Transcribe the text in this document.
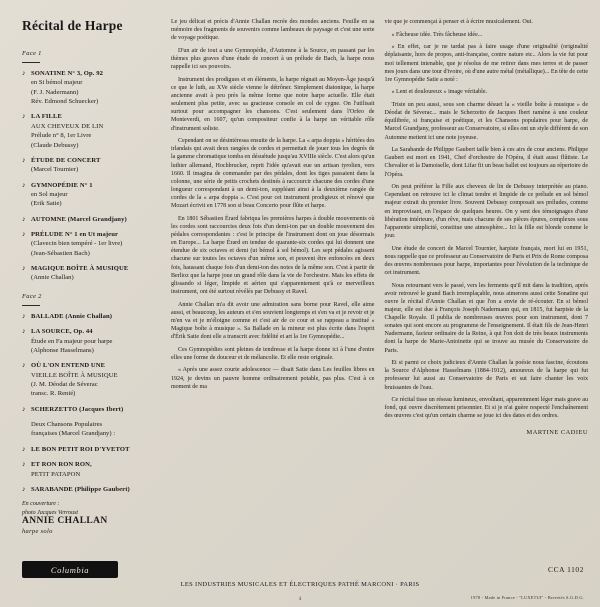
Récital de Harpe
Face 1
♪ SONATINE N° 3, Op. 92
en Si bémol majeur
(F. J. Nadermann)
Rév. Edmond Schuecker)
♪ LA FILLE
AUX CHEVEUX DE LIN
Prélude n° 8, 1er Livre
(Claude Debussy)
♪ ÉTUDE DE CONCERT
(Marcel Tournier)
♪ GYMNOPÉDIE N° 1
en Sol majeur
(Erik Satie)
♪ AUTOMNE (Marcel Grandjany)
♪ PRÉLUDE N° 1 en Ut majeur
(Clavecin bien tempéré - 1er livre)
(Jean-Sébastien Bach)
♪ MAGIQUE BOÎTE À MUSIQUE
(Annie Challan)
Face 2
♪ BALLADE (Annie Challan)
♪ LA SOURCE, Op. 44
Étude en Fa majeur pour harpe
(Alphonse Hasselmans)
♪ OÙ L'ON ENTEND UNE
VIEILLE BOÎTE À MUSIQUE
(J. M. Déodat de Séverac
transc. R. Renié)
♪ SCHERZETTO (Jacques Ibert)
Deux Chansons Populaires
françaises (Marcel Grandjany) :
♪ LE BON PETIT ROI D'YVETOT
♪ ET RON RON RON,
PETIT PATAPON
♪ SARABANDE (Philippe Gaubert)
ANNIE CHALLAN
harpe solo
Columbia
En couverture :
photo Jacques Verroust

Le jeu délicat et précis d'Annie Challan recrée des mondes anciens. Feuille en sa mémoire des fragments de souvenirs comme lambeaux de paysage et c'est une sorte de voyage poétique.

D'un air de tout a une Gymnopédie, d'Automne à la Source, en passant par les thèmes plus graves d'une étude de concert à un prélude de Bach, la harpe nous rappelle ici ses pouvoirs.

Instrument des prodigues et en éléments, la harpe régnait au Moyen-Âge jusqu'à ce que le luth, au XVe siècle vienne le détrôner. Simplement diatonique, la harpe ancienne avait à peu près la même forme que notre harpe actuelle. Elle était seulement plus petite, avec sa gracieuse console en col de cygne. On l'utilisait surtout pour accompagner les chansons. C'est seulement dans l'Orfeo de Monteverdi, en 1607, qu'un compositeur confie à la harpe un véritable rôle d'instrument soliste.

Cependant on se désintéressa ensuite de la harpe. La « arpa doppia » héritées des irlandais qui avait deux rangées de cordes et permettait de jouer tous les degrés de la gamme chromatique tomba en désuétude jusqu'au XVIIIe siècle. C'est alors qu'un luthier allemand, Hochbrucker, reprit l'idée qu'avait eue un artisan tyrolien, vers 1660. Il imagina de commander par des pédales, dont les tiges passaient dans la colonne, une série de petits crochets destinés à raccourcir chacune des cordes d'une longueur correspondant à un demi-ton, suppléant ainsi à la deuxième rangée de cordes de la « arpa doppia ». C'est pour cet instrument prodigieux et rénové que Mozart écrivit en 1778 son si beau Concerto pour flûte et harpe.

En 1801 Sébastien Érard fabriqua les premières harpes à double mouvements où les cordes sont raccourcies deux fois d'un demi-ton par un double mouvement des pédales correspondantes : c'est le principe de l'instrument dont on joue désormais en Europe... La harpe Érard en tendue de quarante-six cordes qui lui donnent une étendue de six octaves et demi (ut bémol à sol bémol). Les sept pédales agissent chacune sur toutes les octaves d'un même son, et peuvent être enfoncées en deux fois, haussant chaque fois d'un demi-ton des notes de la même son. C'est à partir de Berlioz que la harpe joue un grand rôle dans la vie de l'orchestre. Mais les effets de glissando si léger, limpide et aérien qui s'apparentement qu'à ce merveilleux instrument, ont été surtout révélés par Debussy et Ravel.

Annie Challan m'a dit avoir une admiration sans borne pour Ravel, elle aime aussi, et beaucoup, les auteurs et s'en souvient longtemps et s'en va et je revoir et je m'en va et je m'éloigne comme et c'est air de ce cour et se rappeau a institué « Magique boîte à musique ». Sa Ballade en la mineur est plus écrite dans l'esprit d'Érik Satie dont elle a transcrit avec fidélité et art la 1re Gymnopédie...

Ces Gymnopédies sont pleines de tendresse et la harpe donne ici à l'une d'entre elles une forme de douceur et de mélancolie. Et elle reste originale.

« Après une assez courte adolescence — disait Satie dans Les feuilles libres en 1924, je devins un pauvre homme ordinairement potable, pas plus. C'est à ce moment de ma

vie que je commençai à penser et à écrire musicalement. Oui.

« Fâcheuse idée. Très fâcheuse idée...

« En effet, car je ne tardai pas à faire usage d'une originalité (originalité déplaisante, hors de propos, anti-française, contre nature etc.. Alors la vie fut pour moi tellement intenable, que je résolus de me retirer dans mes terres et de passer mes jours dans une tour d'ivoire, où d'une autre métal (métallique)... En tête de cette 1re Gymnopédie Satie a noté :

« Lent et douloureux » image véritable.

Triste un peu aussi, sous son charme désuet la « vieille boîte à musique » de Déodat de Séverac... mais le Scherzetto de Jacques Ibert ramène à une couleur équilibrée, si française et poétique, et les Chansons populaires pour harpe, de Marcel Grandjany, professeur au Conservatoire, si elles ont un style différent de son Automne mettent ici une note joyeuse.

La Sarabande de Philippe Gaubert taille bien à ces airs de cour anciens. Philippe Gaubert est mort en 1941, Chef d'orchestre de l'Opéra, il était aussi flûtiste. Le Chevalier et la Damoiselle, dont Lifar fit un beau ballet est toujours au répertoire de l'Opéra.

On peut préférer la Fille aux cheveux de lin de Debussy interprétée au piano. Cependant on retrouve ici le climat tendre et limpide de ce prélude en sol bémol majeur extrait du premier livre. Souvent Debussy composait ses préludes, comme en improvisant, en l'espace de quelques heures. On y sent des témoignages d'une libération intérieure, d'un rêve, mais chacune de ses pièces épures, complexes sous l'apparente simplicité, constitue une atmosphère... Ici la fille est blonde comme le jour.

Une étude de concert de Marcel Tournier, harpiste français, mort lui en 1951, nous rappelle que ce professeur au Conservatoire de Paris et Prix de Rome composa des œuvres nombreuses pour harpe, importantes pour l'évolution de la technique de cet instrument.

Nous retournant vers le passé, vers les ferments qu'il mit dans la tradition, après avoir retrouvé le grand Bach irremplaçable, nous aimerons aussi cette Sonatine qui ouvre le récital d'Annie Challan et que l'on a envie de ré-écouter. En si bémol majeur, elle est due à François Joseph Nadermann qui, en 1815, fut harpiste de la Chapelle Royale. Il publia de nombreuses œuvres pour son instrument, dont 7 sonates qui sont encore au programme de l'enseignement. Il était fils de Jean-Henri Nadermann, facteur ordinaire de la Reine, à qui l'on doit de très beaux instruments dont la harpe de Marie-Antoinette qui se trouve au musée du Conservatoire de Paris.

Et si parmi ce choix judicieux d'Annie Challan la poésie nous fascine, écoutons la Source d'Alphonse Hasselmans (1884-1912), amoureux de la harpe qui fut professeur lui aussi au Conservatoire de Paris et sut faire chanter les voix bruissantes de l'eau.

Ce récital tisse un réseau lumineux, envoûtant, apparemment léger mais grave au fond, qui ouvre discrètement prisonnier. Et si je n'ai guère respecté l'enchaînement des œuvres c'est qu'un certain charme se joue ici des dates et des ordres.

MARTINE CADIEU
LES INDUSTRIES MUSICALES ET ÉLECTRIQUES PATHÉ MARCONI · PARIS
CCA 1102
1978 - Made in France - "LUXETUI" - Brevetés S.G.D.G.
4
